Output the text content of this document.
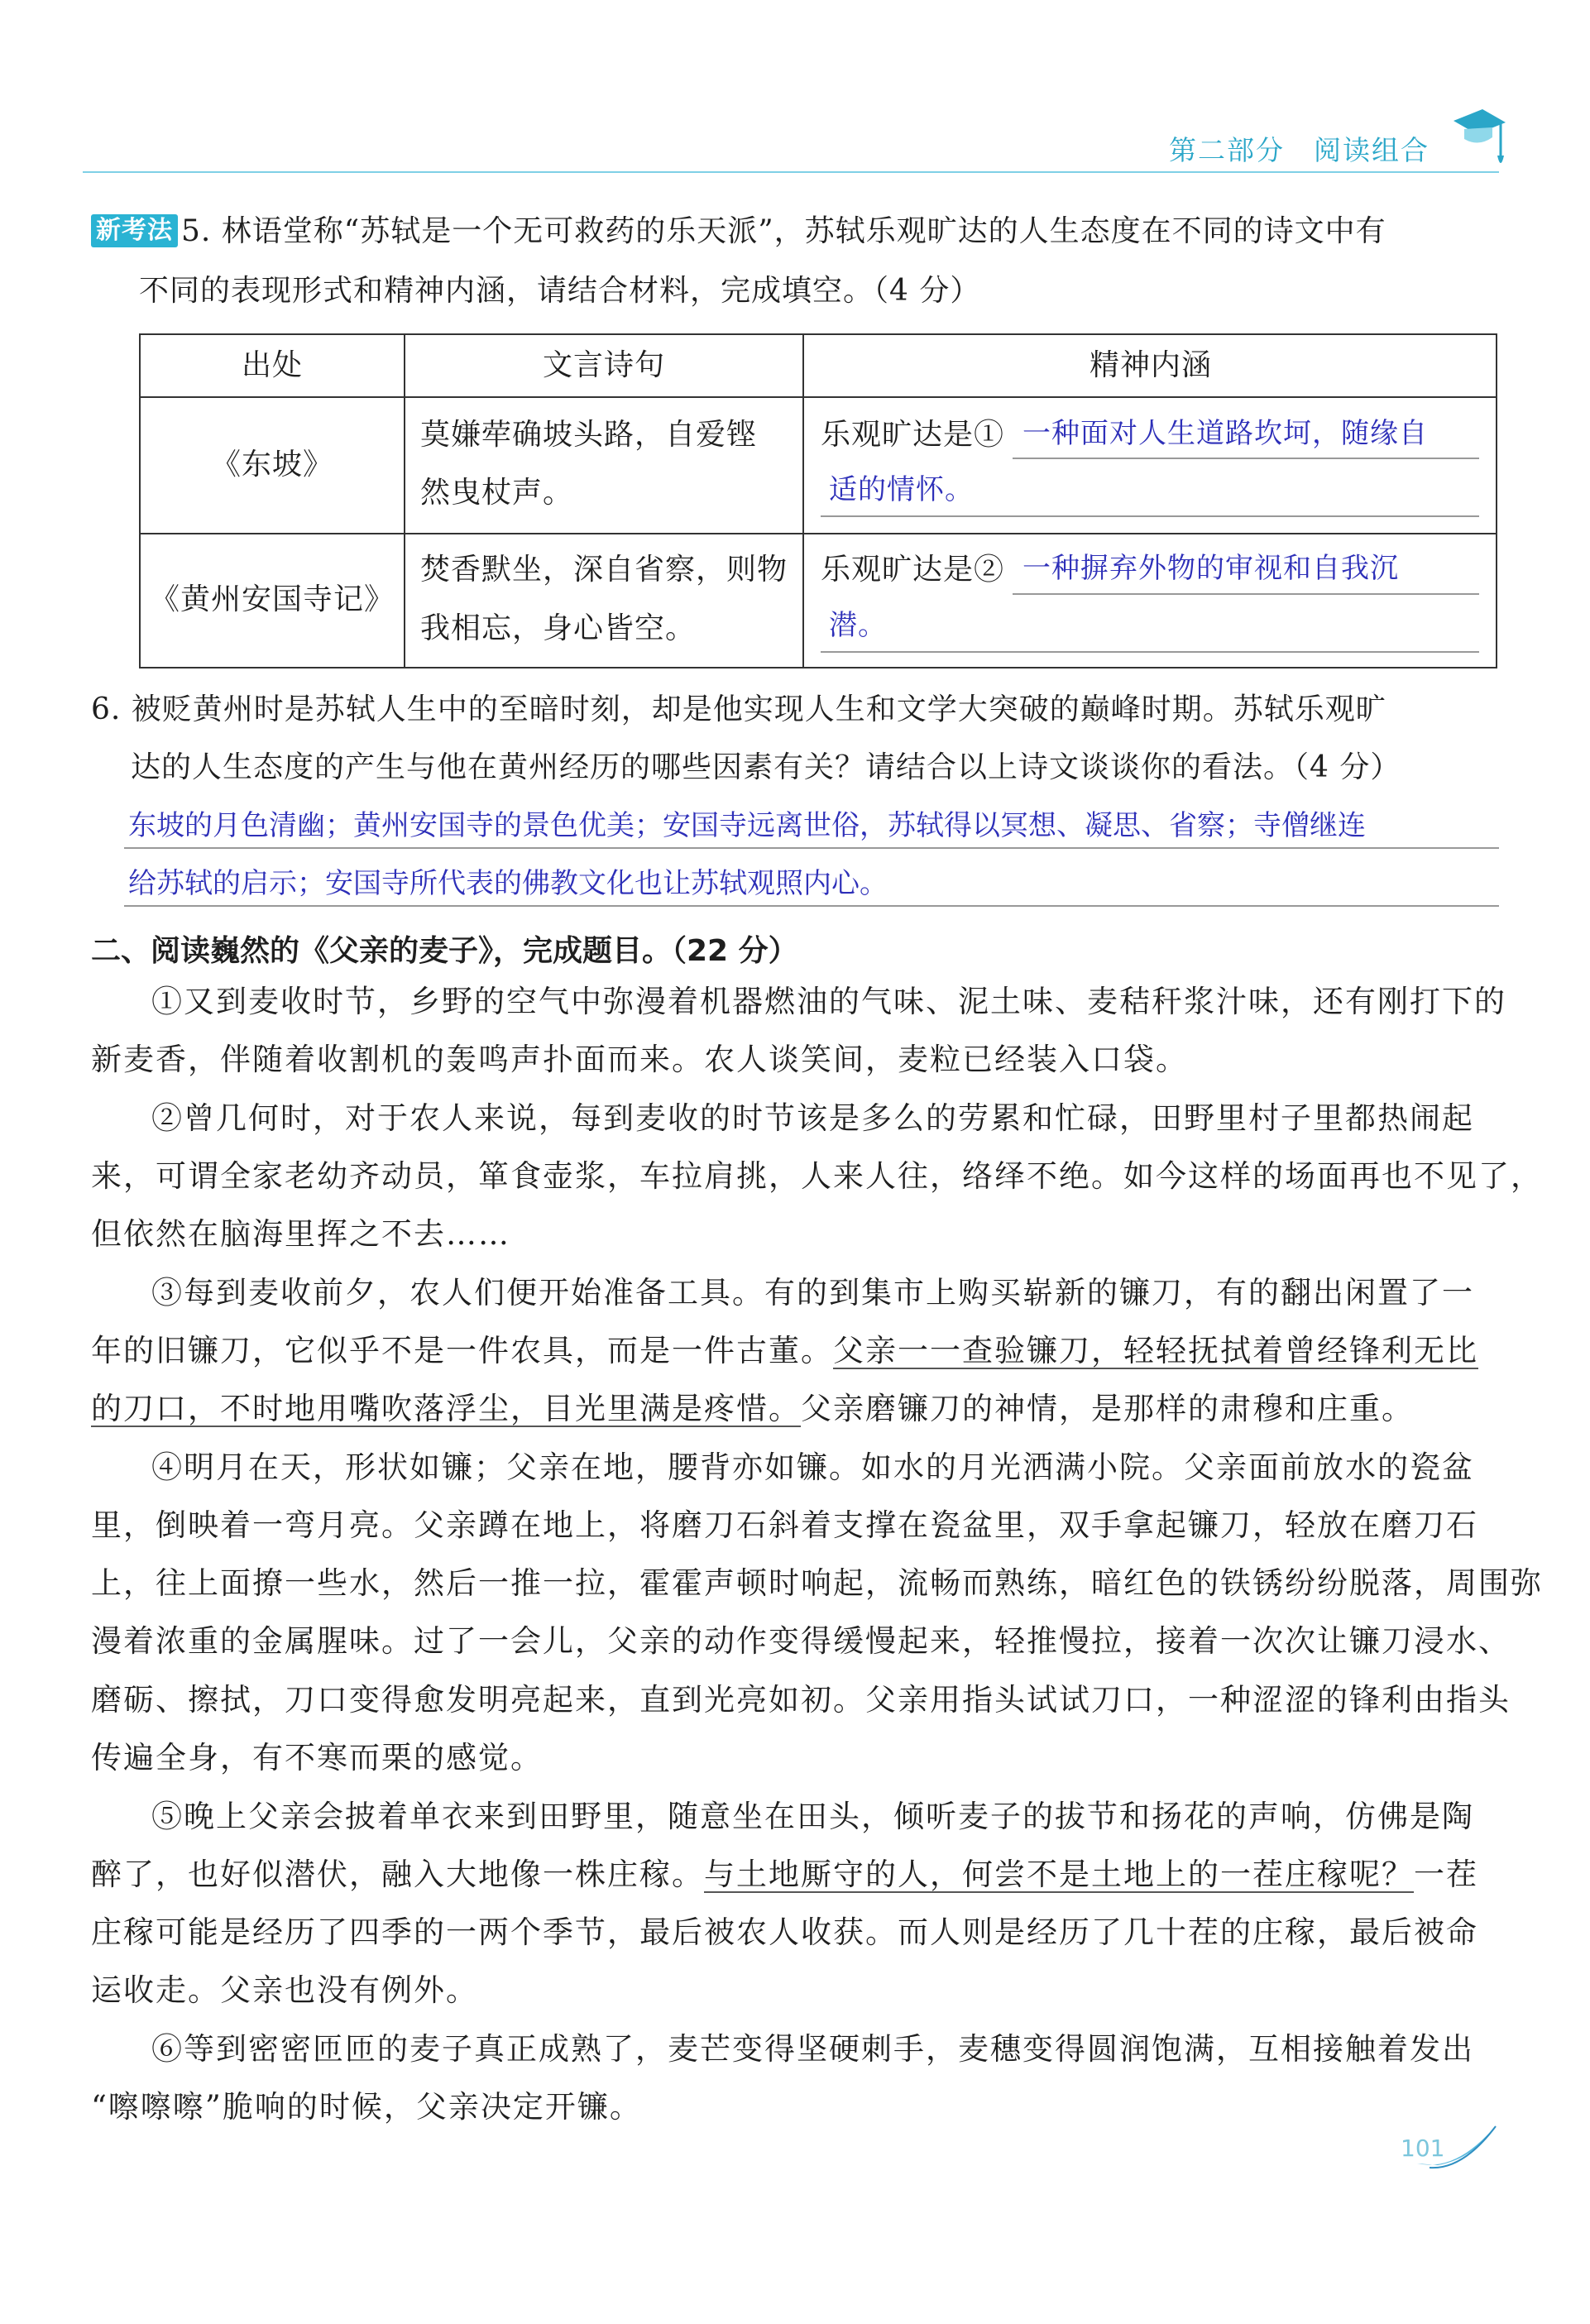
第二部分　阅读组合
新考法 5. 林语堂称“苏轼是一个无可救药的乐天派”，苏轼乐观旷达的人生态度在不同的诗文中有
不同的表现形式和精神内涵，请结合材料，完成填空。（4 分）
出处	文言诗句	精神内涵
《东坡》
莫嫌荦确坡头路，自爱铿
然曳杖声。
乐观旷达是① 一种面对人生道路坎坷，随缘自
适的情怀。
《黄州安国寺记》
焚香默坐，深自省察，则物
我相忘，身心皆空。
乐观旷达是② 一种摒弃外物的审视和自我沉
潜。
6. 被贬黄州时是苏轼人生中的至暗时刻，却是他实现人生和文学大突破的巅峰时期。苏轼乐观旷
达的人生态度的产生与他在黄州经历的哪些因素有关？请结合以上诗文谈谈你的看法。（4 分）
东坡的月色清幽；黄州安国寺的景色优美；安国寺远离世俗，苏轼得以冥想、凝思、省察；寺僧继连
给苏轼的启示；安国寺所代表的佛教文化也让苏轼观照内心。
二、阅读巍然的《父亲的麦子》，完成题目。（22 分）
①又到麦收时节，乡野的空气中弥漫着机器燃油的气味、泥土味、麦秸秆浆汁味，还有刚打下的
新麦香，伴随着收割机的轰鸣声扑面而来。农人谈笑间，麦粒已经装入口袋。
②曾几何时，对于农人来说，每到麦收的时节该是多么的劳累和忙碌，田野里村子里都热闹起
来，可谓全家老幼齐动员，箪食壶浆，车拉肩挑，人来人往，络绎不绝。如今这样的场面再也不见了，
但依然在脑海里挥之不去……
③每到麦收前夕，农人们便开始准备工具。有的到集市上购买崭新的镰刀，有的翻出闲置了一
年的旧镰刀，它似乎不是一件农具，而是一件古董。父亲一一查验镰刀，轻轻抚拭着曾经锋利无比
的刀口，不时地用嘴吹落浮尘，目光里满是疼惜。父亲磨镰刀的神情，是那样的肃穆和庄重。
④明月在天，形状如镰；父亲在地，腰背亦如镰。如水的月光洒满小院。父亲面前放水的瓷盆
里，倒映着一弯月亮。父亲蹲在地上，将磨刀石斜着支撑在瓷盆里，双手拿起镰刀，轻放在磨刀石
上，往上面撩一些水，然后一推一拉，霍霍声顿时响起，流畅而熟练，暗红色的铁锈纷纷脱落，周围弥
漫着浓重的金属腥味。过了一会儿，父亲的动作变得缓慢起来，轻推慢拉，接着一次次让镰刀浸水、
磨砺、擦拭，刀口变得愈发明亮起来，直到光亮如初。父亲用指头试试刀口，一种涩涩的锋利由指头
传遍全身，有不寒而栗的感觉。
⑤晚上父亲会披着单衣来到田野里，随意坐在田头，倾听麦子的拔节和扬花的声响，仿佛是陶
醉了，也好似潜伏，融入大地像一株庄稼。与土地厮守的人，何尝不是土地上的一茬庄稼呢？一茬
庄稼可能是经历了四季的一两个季节，最后被农人收获。而人则是经历了几十茬的庄稼，最后被命
运收走。父亲也没有例外。
⑥等到密密匝匝的麦子真正成熟了，麦芒变得坚硬刺手，麦穗变得圆润饱满，互相接触着发出
“嚓嚓嚓”脆响的时候，父亲决定开镰。
101
